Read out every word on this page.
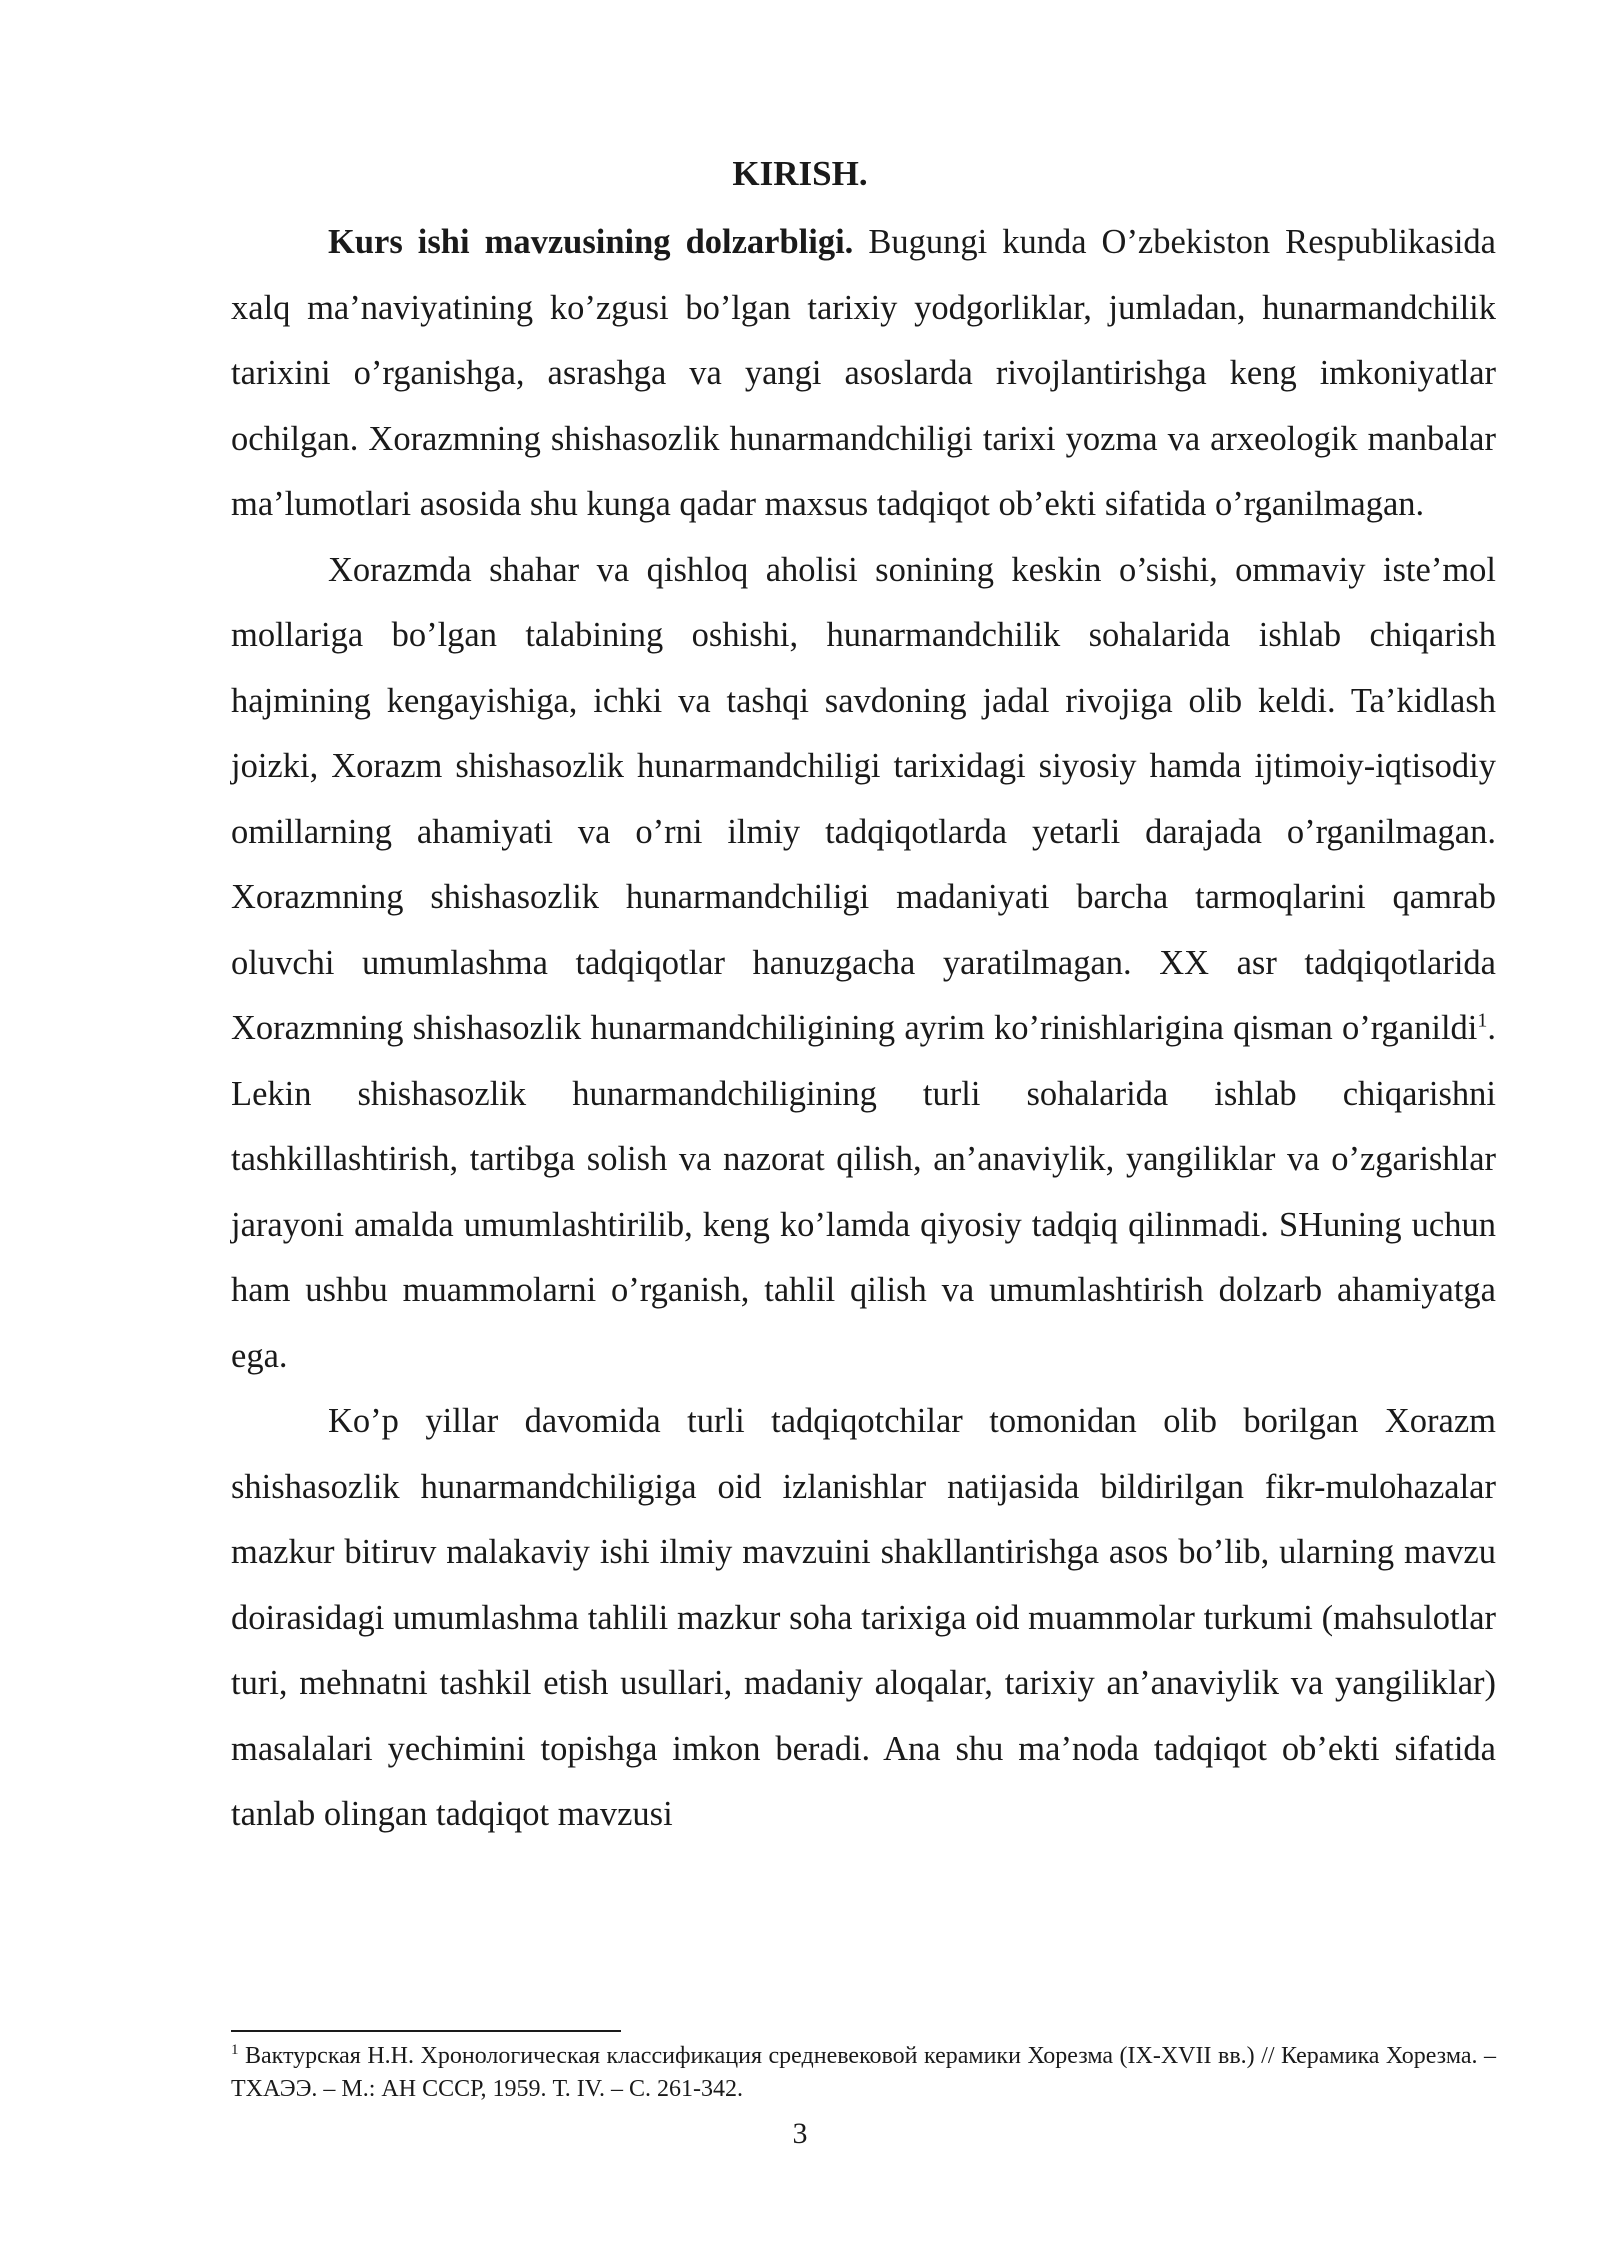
KIRISH.

Kurs ishi mavzusining dolzarbligi. Bugungi kunda O’zbekiston Respublikasida xalq ma’naviyatining ko’zgusi bo’lgan tarixiy yodgorliklar, jumladan, hunarmandchilik tarixini o’rganishga, asrashga va yangi asoslarda rivojlantirishga keng imkoniyatlar ochilgan. Xorazmning shishasozlik hunarmandchiligi tarixi yozma va arxeologik manbalar ma’lumotlari asosida shu kunga qadar maxsus tadqiqot ob’ekti sifatida o’rganilmagan.

Xorazmda shahar va qishloq aholisi sonining keskin o’sishi, ommaviy iste’mol mollariga bo’lgan talabining oshishi, hunarmandchilik sohalarida ishlab chiqarish hajmining kengayishiga, ichki va tashqi savdoning jadal rivojiga olib keldi. Ta’kidlash joizki, Xorazm shishasozlik hunarmandchiligi tarixidagi siyosiy hamda ijtimoiy-iqtisodiy omillarning ahamiyati va o’rni ilmiy tadqiqotlarda yetarli darajada o’rganilmagan. Xorazmning shishasozlik hunarmandchiligi madaniyati barcha tarmoqlarini qamrab oluvchi umumlashma tadqiqotlar hanuzgacha yaratilmagan. XX asr tadqiqotlarida Xorazmning shishasozlik hunarmandchiligining ayrim ko’rinishlarigina qisman o’rganildi$^1$. Lekin shishasozlik hunarmandchiligining turli sohalarida ishlab chiqarishni tashkillashtirish, tartibga solish va nazorat qilish, an’anaviylik, yangiliklar va o’zgarishlar jarayoni amalda umumlashtirilib, keng ko’lamda qiyosiy tadqiq qilinmadi. SHuning uchun ham ushbu muammolarni o’rganish, tahlil qilish va umumlashtirish dolzarb ahamiyatga ega.

Ko’p yillar davomida turli tadqiqotchilar tomonidan olib borilgan Xorazm shishasozlik hunarmandchiligiga oid izlanishlar natijasida bildirilgan fikr-mulohazalar mazkur bitiruv malakaviy ishi ilmiy mavzuini shakllantirishga asos bo’lib, ularning mavzu doirasidagi umumlashma tahlili mazkur soha tarixiga oid muammolar turkumi (mahsulotlar turi, mehnatni tashkil etish usullari, madaniy aloqalar, tarixiy an’anaviylik va yangiliklar) masalalari yechimini topishga imkon beradi. Ana shu ma’noda tadqiqot ob’ekti sifatida tanlab olingan tadqiqot mavzusi

$^1$ Вактурская Н.Н. Хронологическая классификация средневековой керамики Хорезма (IX-XVII вв.) // Керамика Хорезма. – ТХАЭЭ. – М.: АН СССР, 1959. Т. IV. – С. 261-342.
3
